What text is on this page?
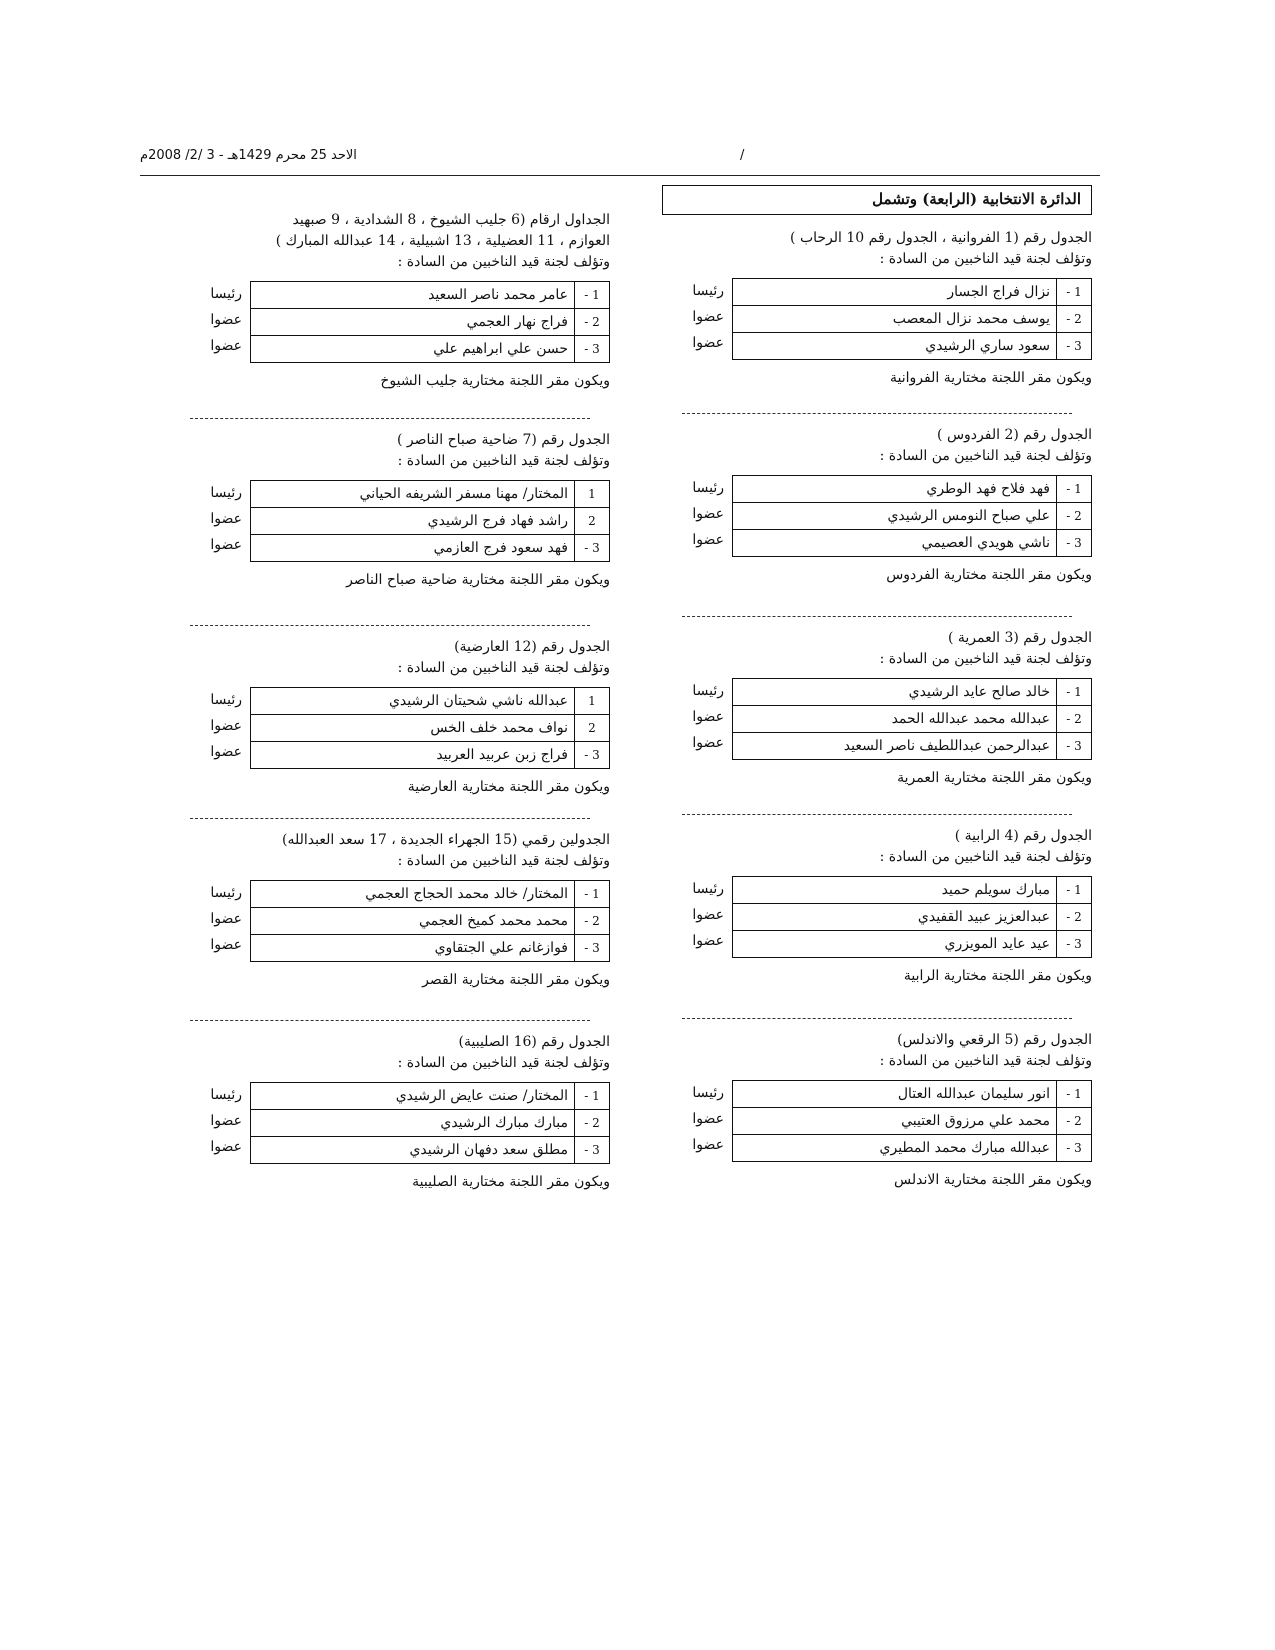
الاحد 25 محرم 1429هـ - 3 /2/ 2008م	/
الدائرة الانتخابية (الرابعة) وتشمل
الجدول رقم (1 الفروانية ، الجدول رقم 10 الرحاب )
وتؤلف لجنة قيد الناخبين من السادة :
1 -
نزال فراج الجسار
2 -
يوسف محمد نزال المعصب
3 -
سعود ساري الرشيدي
رئيسا
عضوا
عضوا
ويكون مقر اللجنة مختارية الفروانية
الجدول رقم (2 الفردوس )
وتؤلف لجنة قيد الناخبين من السادة :
1 -
فهد فلاح فهد الوطري
2 -
علي صباح النومس الرشيدي
3 -
ناشي هويدي العصيمي
رئيسا
عضوا
عضوا
ويكون مقر اللجنة مختارية الفردوس
الجدول رقم (3 العمرية )
وتؤلف لجنة قيد الناخبين من السادة :
1 -
خالد صالح عايد الرشيدي
2 -
عبدالله محمد عبدالله الحمد
3 -
عبدالرحمن عبداللطيف ناصر السعيد
رئيسا
عضوا
عضوا
ويكون مقر اللجنة مختارية العمرية
الجدول رقم (4 الرابية )
وتؤلف لجنة قيد الناخبين من السادة :
1 -
مبارك سويلم حميد
2 -
عبدالعزيز عبيد القفيدي
3 -
عيد عايد المويزري
رئيسا
عضوا
عضوا
ويكون مقر اللجنة مختارية الرابية
الجدول رقم (5 الرقعي والاندلس)
وتؤلف لجنة قيد الناخبين من السادة :
1 -
انور سليمان عبدالله العتال
2 -
محمد علي مرزوق العتيبي
3 -
عبدالله مبارك محمد المطيري
رئيسا
عضوا
عضوا
ويكون مقر اللجنة مختارية الاندلس
الجداول ارقام (6 جليب الشيوخ ، 8 الشدادية ، 9 صبهيد
العوازم ، 11 العضيلية ، 13 اشبيلية ، 14 عبدالله المبارك )
وتؤلف لجنة قيد الناخبين من السادة :
1 -
عامر محمد ناصر السعيد
2 -
فراج نهار العجمي
3 -
حسن علي ابراهيم علي
رئيسا
عضوا
عضوا
ويكون مقر اللجنة مختارية جليب الشيوخ
الجدول رقم (7 ضاحية صباح الناصر )
وتؤلف لجنة قيد الناخبين من السادة :
1
المختار/ مهنا مسفر الشريفه الحياني
2
راشد فهاد فرج الرشيدي
3 -
فهد سعود فرج العازمي
رئيسا
عضوا
عضوا
ويكون مقر اللجنة مختارية ضاحية صباح الناصر
الجدول رقم (12 العارضية)
وتؤلف لجنة قيد الناخبين من السادة :
1
عبدالله ناشي شحيتان الرشيدي
2
نواف محمد خلف الخس
3 -
فراج زبن عربيد العربيد
رئيسا
عضوا
عضوا
ويكون مقر اللجنة مختارية العارضية
الجدولين رقمي (15 الجهراء الجديدة ، 17 سعد العبدالله)
وتؤلف لجنة قيد الناخبين من السادة :
1 -
المختار/ خالد محمد الحجاج العجمي
2 -
محمد محمد كميخ العجمي
3 -
فوازغانم علي الجتقاوي
رئيسا
عضوا
عضوا
ويكون مقر اللجنة مختارية القصر
الجدول رقم (16 الصليبية)
وتؤلف لجنة قيد الناخبين من السادة :
1 -
المختار/ صنت عايض الرشيدي
2 -
مبارك مبارك الرشيدي
3 -
مطلق سعد دفهان الرشيدي
رئيسا
عضوا
عضوا
ويكون مقر اللجنة مختارية الصليبية
